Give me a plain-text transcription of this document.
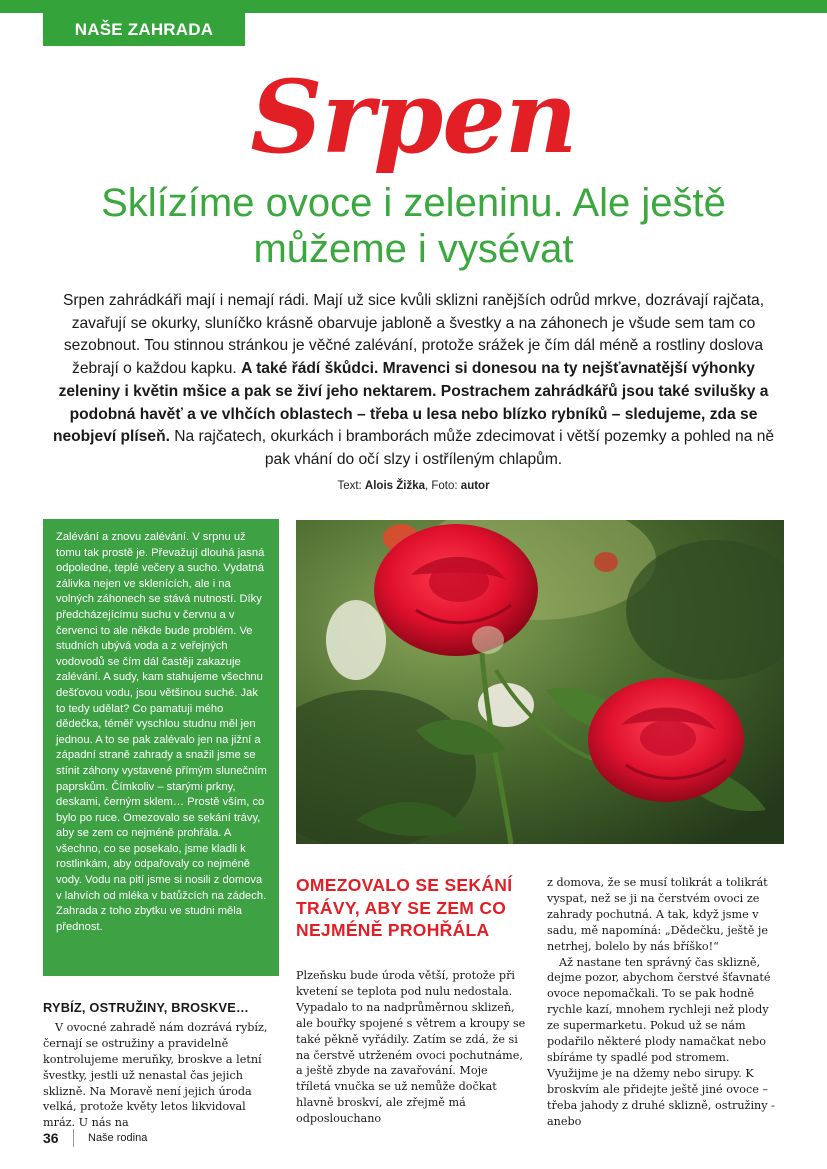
NAŠE ZAHRADA
Srpen
Sklízíme ovoce i zeleninu. Ale ještě můžeme i vysévat
Srpen zahrádkáři mají i nemají rádi. Mají už sice kvůli sklizni ranějších odrůd mrkve, dozrávají rajčata, zavařují se okurky, sluníčko krásně obarvuje jabloně a švestky a na záhonech je všude sem tam co sezobnout. Tou stinnou stránkou je věčné zalévání, protože srážek je čím dál méně a rostliny doslova žebrají o každou kapku. A také řádí škůdci. Mravenci si donesou na ty nejšťavnatější výhonky zeleniny i květin mšice a pak se živí jeho nektarem. Postrachem zahrádkářů jsou také svilušky a podobná havěť a ve vlhčích oblastech – třeba u lesa nebo blízko rybníků – sledujeme, zda se neobjeví plíseň. Na rajčatech, okurkách i bramborách může zdecimovat i větší pozemky a pohled na ně pak vhání do očí slzy i ostříleným chlapům.
Text: Alois Žižka, Foto: autor
Zalévání a znovu zalévání. V srpnu už tomu tak prostě je. Převažují dlouhá jasná odpoledne, teplé večery a sucho. Vydatná zálivka nejen ve sklenících, ale i na volných záhonech se stává nutností. Díky předcházejícímu suchu v červnu a v červenci to ale někde bude problém. Ve studních ubývá voda a z veřejných vodovodů se čím dál častěji zakazuje zalévání. A sudy, kam stahujeme všechnu dešťovou vodu, jsou většinou suché. Jak to tedy udělat? Co pamatuji mého dědečka, téměř vyschlou studnu měl jen jednou. A to se pak zalévalo jen na jižní a západní straně zahrady a snažil jsme se stínit záhony vystavené přímým slunečním paprskům. Čímkoliv – starými prkny, deskami, černým sklem… Prostě vším, co bylo po ruce. Omezovalo se sekání trávy, aby se zem co nejméně prohřála. A všechno, co se posekalo, jsme kladli k rostlinkám, aby odpařovaly co nejméně vody. Vodu na pití jsme si nosili z domova v lahvích od mléka v batůžcích na zádech. Zahrada z toho zbytku ve studni měla přednost.
OMEZOVALO SE SEKÁNÍ TRÁVY, ABY SE ZEM CO NEJMÉNĚ PROHŘÁLA
RYBÍZ, OSTRUŽINY, BROSKVE…

V ovocné zahradě nám dozrává rybíz, černají se ostružiny a pravidelně kontrolujeme meruňky, broskve a letní švestky, jestli už nenastal čas jejich sklizně. Na Moravě není jejich úroda velká, protože květy letos likvidoval mráz. U nás na

Plzeňsku bude úroda větší, protože při kvetení se teplota pod nulu nedostala. Vypadalo to na nadprůměrnou sklizeň, ale bouřky spojené s větrem a kroupy se také pěkně vyřádily. Zatím se zdá, že si na čerstvě utrženém ovoci pochutnáme, a ještě zbyde na zavařování. Moje tříletá vnučka se už nemůže dočkat hlavně broskví, ale zřejmě má odposlouchano

z domova, že se musí tolikrát a tolikrát vyspat, než se ji na čerstvém ovoci ze zahrady pochutná. A tak, když jsme v sadu, mě napomíná: „Dědečku, ještě je netrhej, bolelo by nás bříško!“

Až nastane ten správný čas sklizně, dejme pozor, abychom čerstvé šťavnaté ovoce nepomačkali. To se pak hodně rychle kazí, mnohem rychleji než plody ze supermarketu. Pokud už se nám podařilo některé plody namačkat nebo sbíráme ty spadlé pod stromem. Využijme je na džemy nebo sirupy. K broskvím ale přidejte ještě jiné ovoce – třeba jahody z druhé sklizně, ostružiny - anebo

36	Naše rodina
